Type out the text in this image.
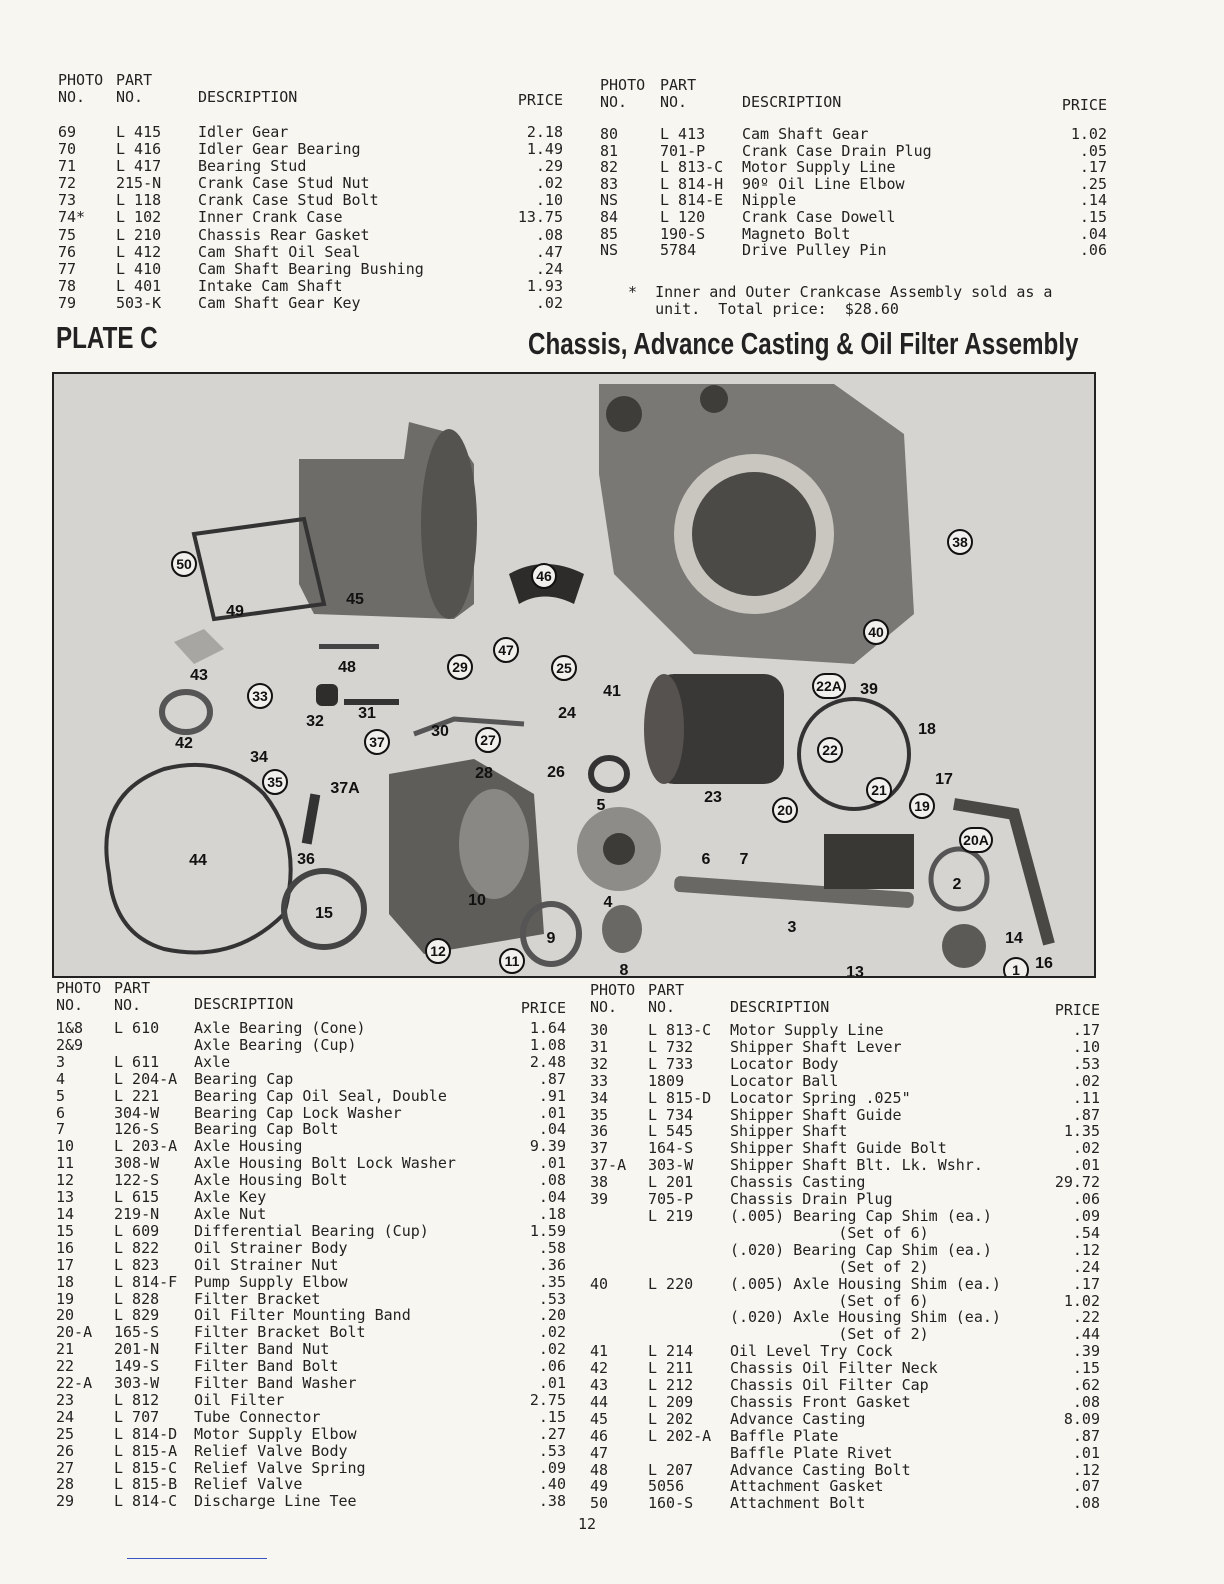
PHOTO
NO.
PART
NO.	DESCRIPTION	PRICE
69	L 415	Idler Gear	2.18
70	L 416	Idler Gear Bearing	1.49
71	L 417	Bearing Stud	.29
72	215-N	Crank Case Stud Nut	.02
73	L 118	Crank Case Stud Bolt	.10
74*	L 102	Inner Crank Case	13.75
75	L 210	Chassis Rear Gasket	.08
76	L 412	Cam Shaft Oil Seal	.47
77	L 410	Cam Shaft Bearing Bushing	.24
78	L 401	Intake Cam Shaft	1.93
79	503-K	Cam Shaft Gear Key	.02
PHOTO
NO.
PART
NO.	DESCRIPTION	PRICE
80	L 413	Cam Shaft Gear	1.02
81	701-P	Crank Case Drain Plug	.05
82	L 813-C	Motor Supply Line	.17
83	L 814-H	90º Oil Line Elbow	.25
NS	L 814-E	Nipple	.14
84	L 120	Crank Case Dowell	.15
85	190-S	Magneto Bolt	.04
NS	5784	Drive Pulley Pin	.06
*  Inner and Outer Crankcase Assembly sold as a
unit.  Total price:  $28.60
PLATE C	Chassis, Advance Casting & Oil Filter Assembly
50
46
38
40
47
29	25
33
37	27
22A
22
21
20	19
20A
35
12
11
1
49
45
43	48
41
24
32 31
30
28	26
39
18
42
34
37A
17
23
5
44	36	6 7
2
15
10	4
3
9
8	13
14
16
PHOTO
NO.
PART
NO.	DESCRIPTION	PRICE
1&8	L 610	Axle Bearing (Cone)	1.64
2&9	Axle Bearing (Cup)	1.08
3	L 611	Axle	2.48
4	L 204-A	Bearing Cap	.87
5	L 221	Bearing Cap Oil Seal, Double	.91
6	304-W	Bearing Cap Lock Washer	.01
7	126-S	Bearing Cap Bolt	.04
10	L 203-A	Axle Housing	9.39
11	308-W	Axle Housing Bolt Lock Washer	.01
12	122-S	Axle Housing Bolt	.08
13	L 615	Axle Key	.04
14	219-N	Axle Nut	.18
15	L 609	Differential Bearing (Cup)	1.59
16	L 822	Oil Strainer Body	.58
17	L 823	Oil Strainer Nut	.36
18	L 814-F	Pump Supply Elbow	.35
19	L 828	Filter Bracket	.53
20	L 829	Oil Filter Mounting Band	.20
20-A	165-S	Filter Bracket Bolt	.02
21	201-N	Filter Band Nut	.02
22	149-S	Filter Band Bolt	.06
22-A	303-W	Filter Band Washer	.01
23	L 812	Oil Filter	2.75
24	L 707	Tube Connector	.15
25	L 814-D	Motor Supply Elbow	.27
26	L 815-A	Relief Valve Body	.53
27	L 815-C	Relief Valve Spring	.09
28	L 815-B	Relief Valve	.40
29	L 814-C	Discharge Line Tee	.38
PHOTO
NO.
PART
NO.	DESCRIPTION	PRICE
30	L 813-C	Motor Supply Line	.17
31	L 732	Shipper Shaft Lever	.10
32	L 733	Locator Body	.53
33	1809	Locator Ball	.02
34	L 815-D	Locator Spring .025"	.11
35	L 734	Shipper Shaft Guide	.87
36	L 545	Shipper Shaft	1.35
37	164-S	Shipper Shaft Guide Bolt	.02
37-A	303-W	Shipper Shaft Blt. Lk. Wshr.	.01
38	L 201	Chassis Casting	29.72
39	705-P	Chassis Drain Plug	.06
L 219	(.005) Bearing Cap Shim (ea.)	.09
(Set of 6)	.54
(.020) Bearing Cap Shim (ea.)	.12
(Set of 2)	.24
40	L 220	(.005) Axle Housing Shim (ea.)	.17
(Set of 6)	1.02
(.020) Axle Housing Shim (ea.)	.22
(Set of 2)	.44
41	L 214	Oil Level Try Cock	.39
42	L 211	Chassis Oil Filter Neck	.15
43	L 212	Chassis Oil Filter Cap	.62
44	L 209	Chassis Front Gasket	.08
45	L 202	Advance Casting	8.09
46	L 202-A	Baffle Plate	.87
47	Baffle Plate Rivet	.01
48	L 207	Advance Casting Bolt	.12
49	5056	Attachment Gasket	.07
50	160-S	Attachment Bolt	.08
12
